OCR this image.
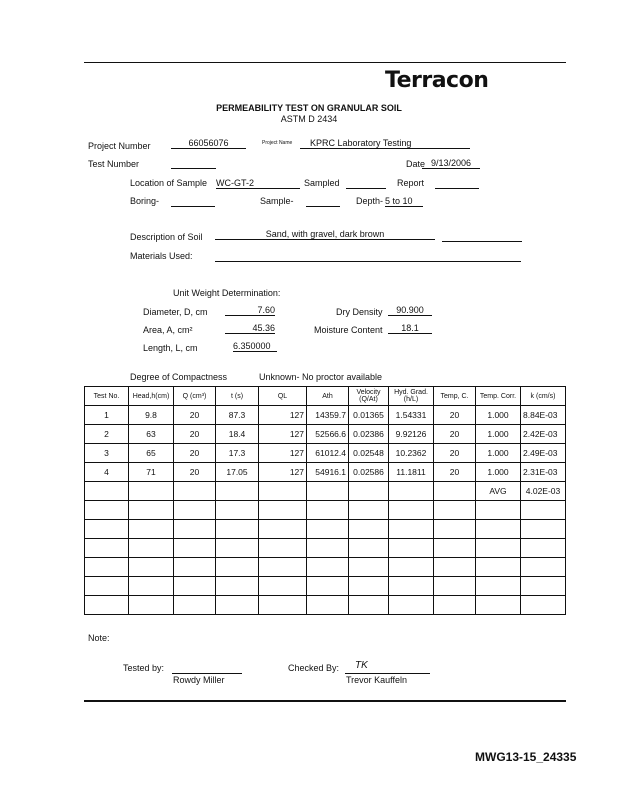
Terracon
PERMEABILITY TEST ON GRANULAR SOIL
ASTM D 2434
Project Number	66056076	Project Name	KPRC Laboratory Testing
Test Number	Date 9/13/2006
Location of Sample WC-GT-2	Sampled	Report
Boring-	Sample-	Depth- 5 to 10
Description of Soil	Sand, with gravel, dark brown
Materials Used:
Unit Weight Determination:
Diameter, D, cm	7.60
Area, A, cm²	45.36
Length, L, cm	6.350000
Dry Density	90.900
Moisture Content	18.1
Degree of Compactness	Unknown- No proctor available
Test No.	Head,h(cm)	Q (cm³)	t (s)	QL	Ath	Velocity (Q/At)	Hyd. Grad. (h/L)	Temp, C.	Temp. Corr.	k (cm/s)
1	9.8	20	87.3	127	14359.7	0.01365	1.54331	20	1.000	8.84E-03
2	63	20	18.4	127	52566.6	0.02386	9.92126	20	1.000	2.42E-03
3	65	20	17.3	127	61012.4	0.02548	10.2362	20	1.000	2.49E-03
4	71	20	17.05	127	54916.1	0.02586	11.1811	20	1.000	2.31E-03
									AVG	4.02E-03

Note:
Tested by:
Rowdy Miller
Checked By: TK
Trevor Kauffeln
MWG13-15_24335
